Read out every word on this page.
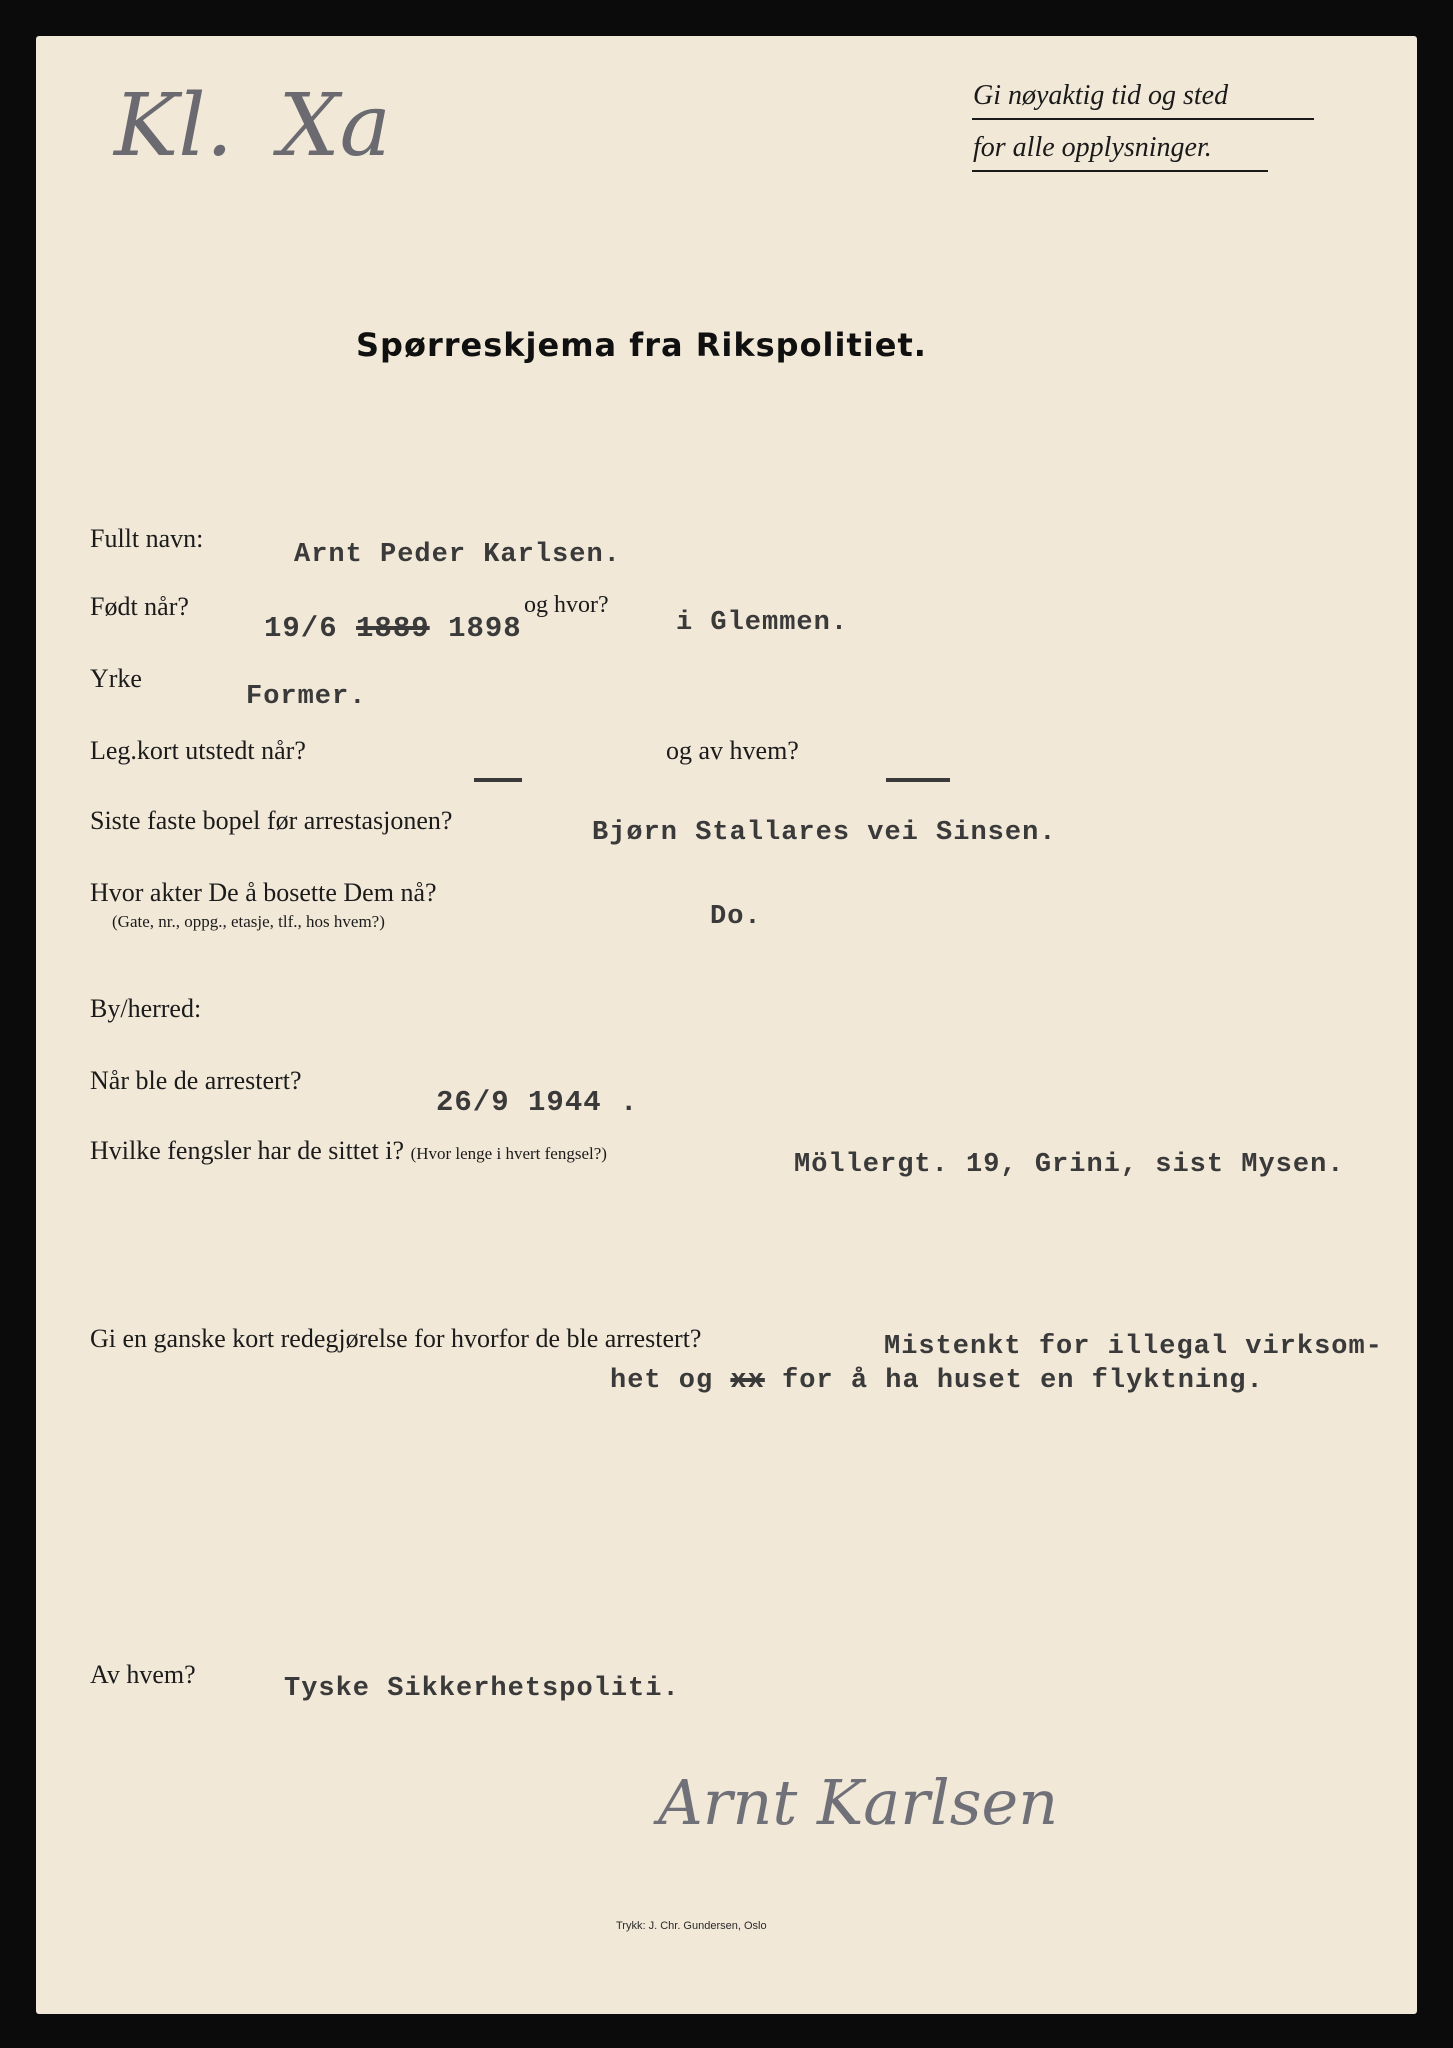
Kl. Xa	Gi nøyaktig tid og sted
for alle opplysninger.
Spørreskjema fra Rikspolitiet.
Fullt navn:
Arnt Peder Karlsen.
Født når?
19/6 1889 1898
og hvor?
i Glemmen.
Yrke
Former.
Leg.kort utstedt når?	og av hvem?
Siste faste bopel før arrestasjonen?	Bjørn Stallares vei Sinsen.
Hvor akter De å bosette Dem nå?
(Gate, nr., oppg., etasje, tlf., hos hvem?)	Do.
By/herred:
Når ble de arrestert?
26/9 1944 .
Hvilke fengsler har de sittet i? (Hvor lenge i hvert fengsel?)	Möllergt. 19, Grini, sist Mysen.
Gi en ganske kort redegjørelse for hvorfor de ble arrestert?	Mistenkt for illegal virksom-
het og xx for å ha huset en flyktning.
Av hvem?	Tyske Sikkerhetspoliti.
Arnt Karlsen
Trykk: J. Chr. Gundersen, Oslo
